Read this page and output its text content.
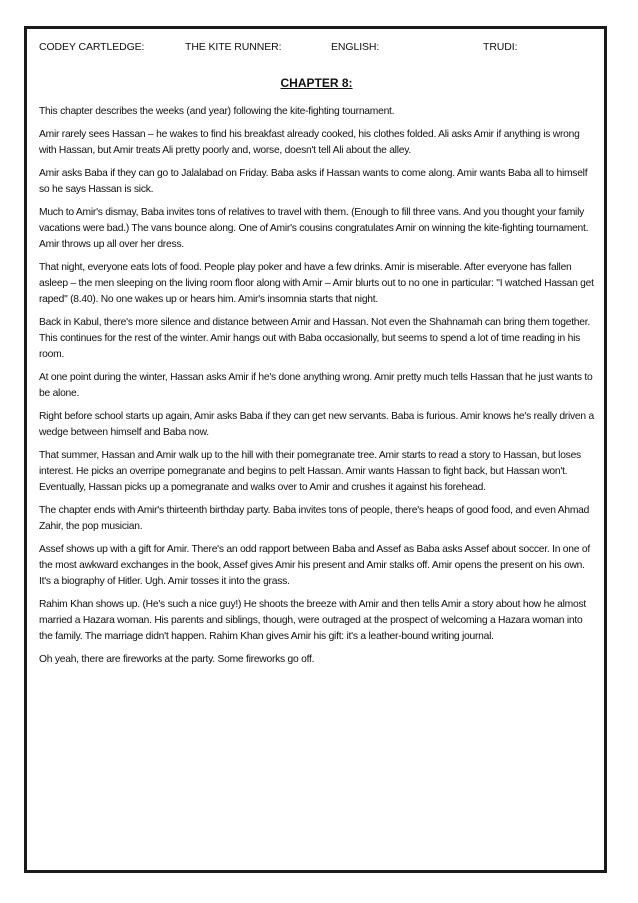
CODEY CARTLEDGE:	THE KITE RUNNER:	ENGLISH:	TRUDI:
CHAPTER 8:

This chapter describes the weeks (and year) following the kite-fighting tournament.

Amir rarely sees Hassan – he wakes to find his breakfast already cooked, his clothes folded. Ali asks Amir if anything is wrong with Hassan, but Amir treats Ali pretty poorly and, worse, doesn't tell Ali about the alley.

Amir asks Baba if they can go to Jalalabad on Friday. Baba asks if Hassan wants to come along. Amir wants Baba all to himself so he says Hassan is sick.

Much to Amir's dismay, Baba invites tons of relatives to travel with them. (Enough to fill three vans. And you thought your family vacations were bad.) The vans bounce along. One of Amir's cousins congratulates Amir on winning the kite-fighting tournament. Amir throws up all over her dress.

That night, everyone eats lots of food. People play poker and have a few drinks. Amir is miserable. After everyone has fallen asleep – the men sleeping on the living room floor along with Amir – Amir blurts out to no one in particular: "I watched Hassan get raped" (8.40). No one wakes up or hears him. Amir's insomnia starts that night.

Back in Kabul, there's more silence and distance between Amir and Hassan. Not even the Shahnamah can bring them together. This continues for the rest of the winter. Amir hangs out with Baba occasionally, but seems to spend a lot of time reading in his room.

At one point during the winter, Hassan asks Amir if he's done anything wrong. Amir pretty much tells Hassan that he just wants to be alone.

Right before school starts up again, Amir asks Baba if they can get new servants. Baba is furious. Amir knows he's really driven a wedge between himself and Baba now.

That summer, Hassan and Amir walk up to the hill with their pomegranate tree. Amir starts to read a story to Hassan, but loses interest. He picks an overripe pomegranate and begins to pelt Hassan. Amir wants Hassan to fight back, but Hassan won't. Eventually, Hassan picks up a pomegranate and walks over to Amir and crushes it against his forehead.

The chapter ends with Amir's thirteenth birthday party. Baba invites tons of people, there's heaps of good food, and even Ahmad Zahir, the pop musician.

Assef shows up with a gift for Amir. There's an odd rapport between Baba and Assef as Baba asks Assef about soccer. In one of the most awkward exchanges in the book, Assef gives Amir his present and Amir stalks off. Amir opens the present on his own. It's a biography of Hitler. Ugh. Amir tosses it into the grass.

Rahim Khan shows up. (He's such a nice guy!) He shoots the breeze with Amir and then tells Amir a story about how he almost married a Hazara woman. His parents and siblings, though, were outraged at the prospect of welcoming a Hazara woman into the family. The marriage didn't happen. Rahim Khan gives Amir his gift: it's a leather-bound writing journal.

Oh yeah, there are fireworks at the party. Some fireworks go off.
